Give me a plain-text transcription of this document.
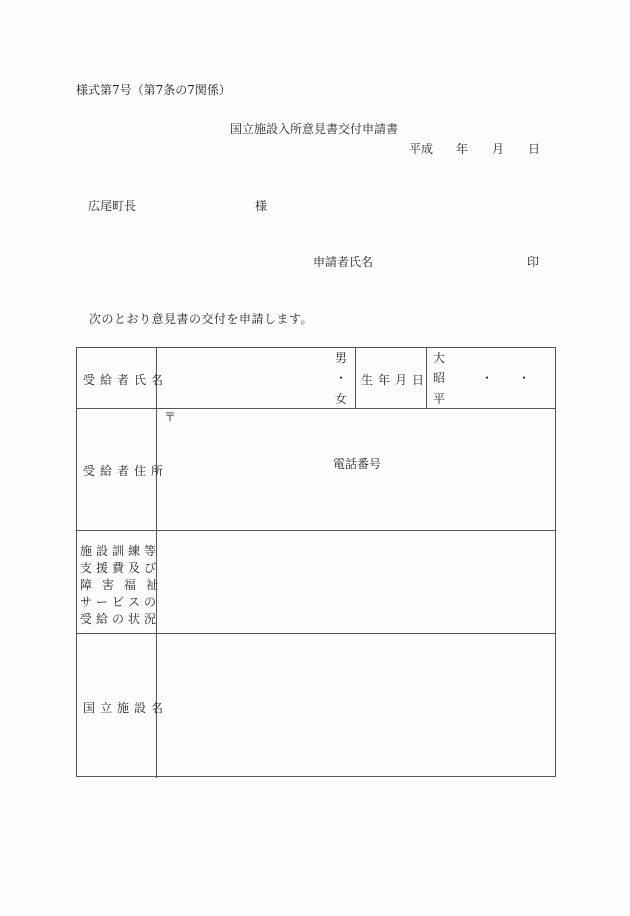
様式第7号（第7条の7関係）
国立施設入所意見書交付申請書
平成 年 月 日
広尾町長	様
申請者氏名	印
次のとおり意見書の交付を申請します。
受給者氏名
男
・
女
生年月日
大
昭
平
・ ・
受給者住所
〒
電話番号
国立施設名
施設訓練等
支援費及び
障害福祉
サービスの
受給の状況
